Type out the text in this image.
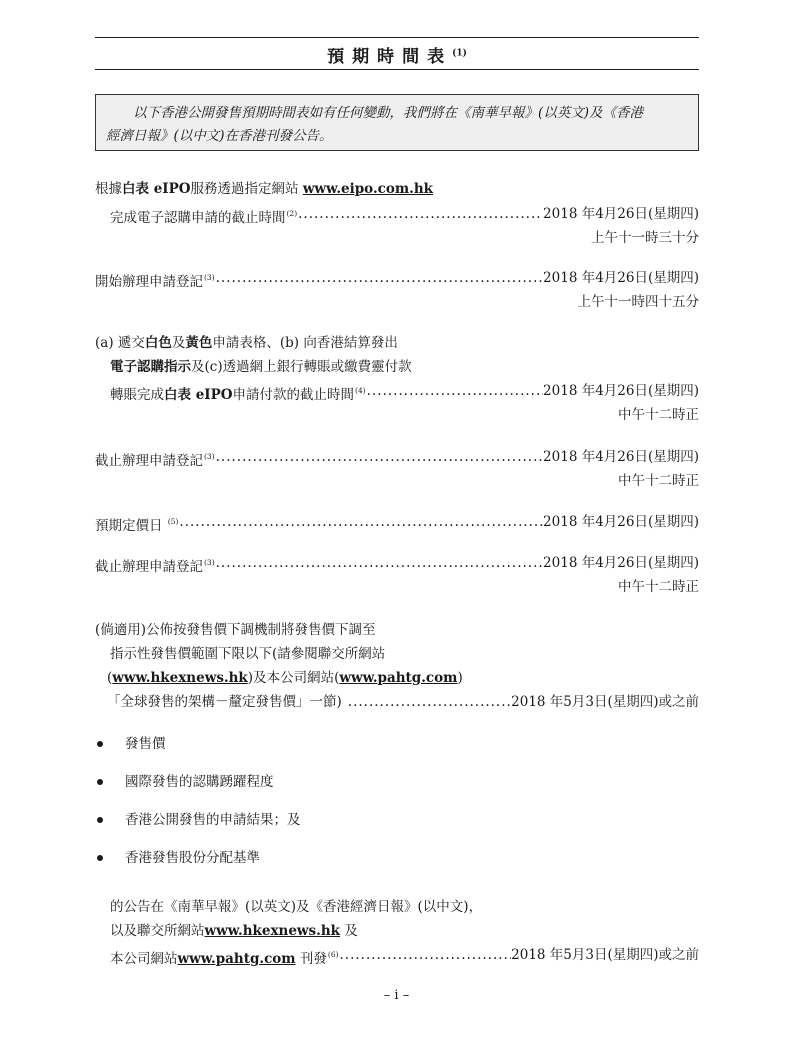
預期時間表$^{(1)}$
以下香港公開發售預期時間表如有任何變動，我們將在《南華早報》(以英文)及《香港
經濟日報》(以中文)在香港刊發公告。
根據白表 eIPO服務透過指定網站 www.eipo.com.hk
完成電子認購申請的截止時間$^{(2)}$ .....	2018 年4月26日(星期四)
上午十一時三十分
開始辦理申請登記$^{(3)}$ .....	2018 年4月26日(星期四)
上午十一時四十五分
(a) 遞交白色及黃色申請表格、(b) 向香港結算發出
電子認購指示及(c)透過網上銀行轉賬或繳費靈付款
轉賬完成白表 eIPO申請付款的截止時間$^{(4)}$ .....	2018 年4月26日(星期四)
中午十二時正
截止辦理申請登記$^{(3)}$ .....	2018 年4月26日(星期四)
中午十二時正
預期定價日 $^{(5)}$ .....	2018 年4月26日(星期四)
截止辦理申請登記$^{(3)}$ .....	2018 年4月26日(星期四)
中午十二時正
(倘適用)公佈按發售價下調機制將發售價下調至
指示性發售價範圍下限以下(請參閱聯交所網站
(www.hkexnews.hk)及本公司網站(www.pahtg.com)
「全球發售的架構－釐定發售價」一節) .....	2018 年5月3日(星期四)或之前
發售價
國際發售的認購踴躍程度
香港公開發售的申請結果；及
香港發售股份分配基準
的公告在《南華早報》(以英文)及《香港經濟日報》(以中文)，
以及聯交所網站www.hkexnews.hk 及
本公司網站www.pahtg.com 刊發$^{(6)}$ .....	2018 年5月3日(星期四)或之前
– i –
